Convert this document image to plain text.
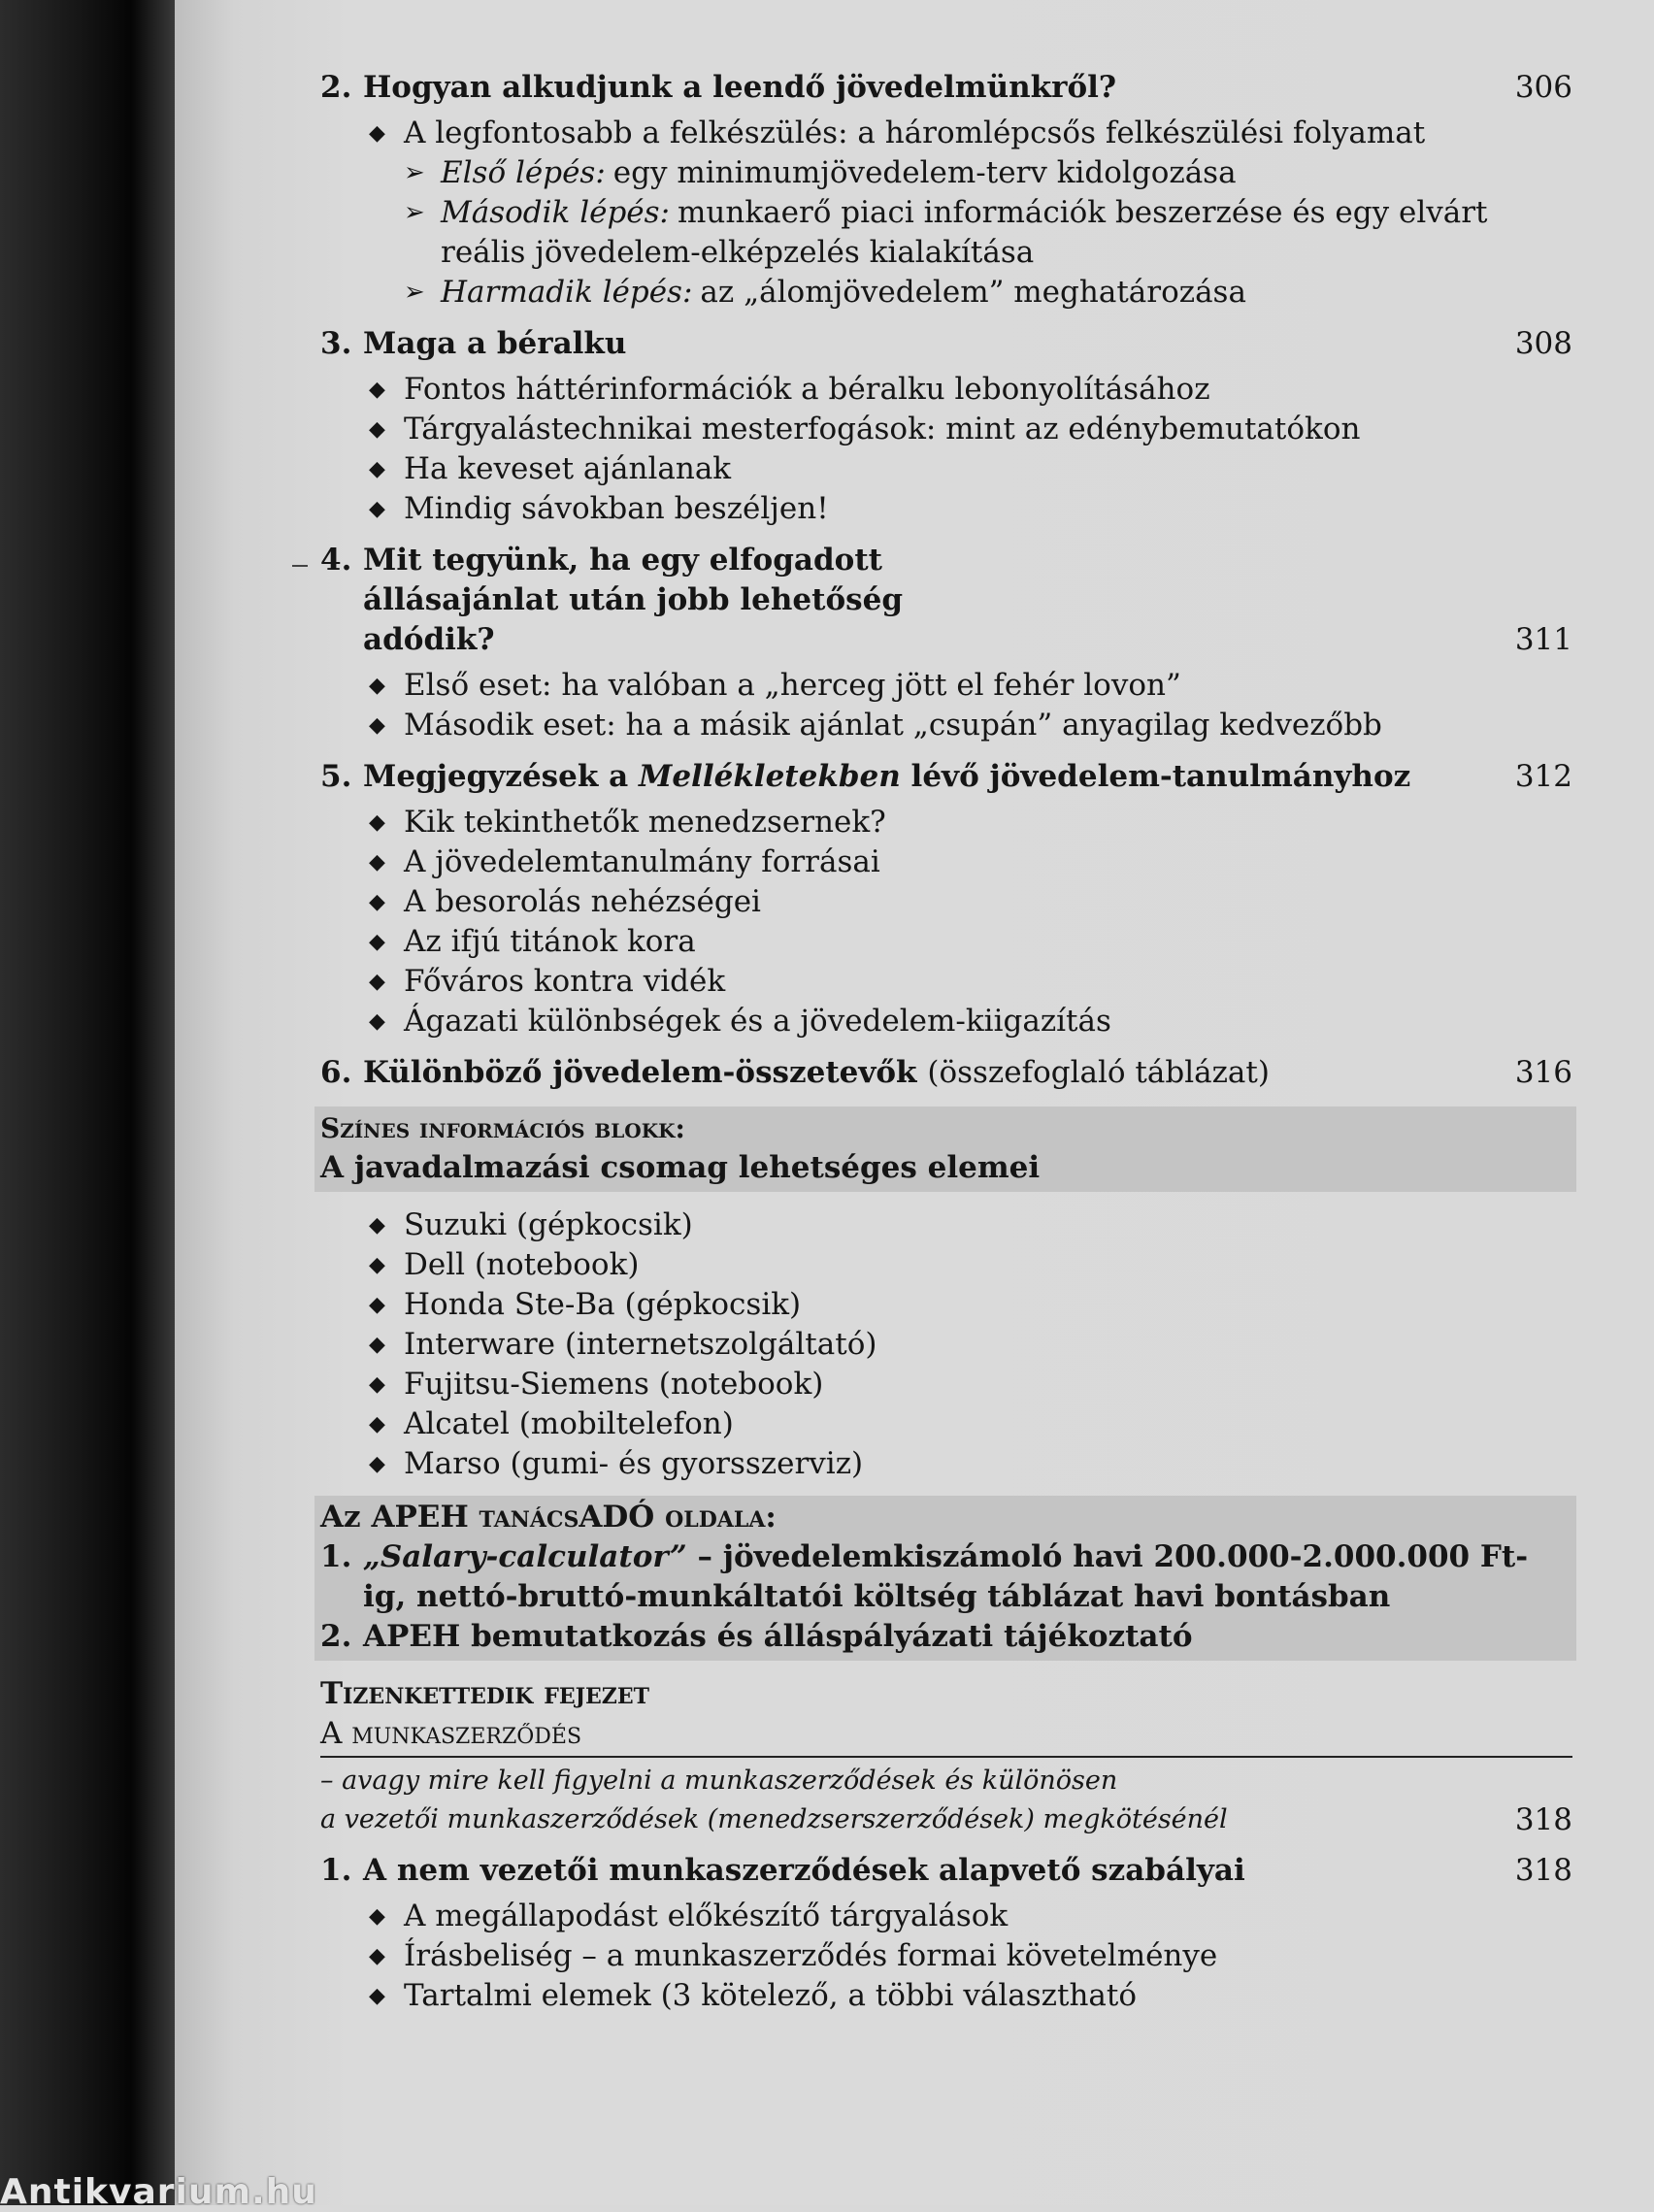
2. Hogyan alkudjunk a leendő jövedelmünkről?	306
◆ A legfontosabb a felkészülés: a háromlépcsős felkészülési folyamat
➢ Első lépés: egy minimumjövedelem-terv kidolgozása
➢ Második lépés: munkaerő piaci információk beszerzése és egy elvárt reális jövedelem-elképzelés kialakítása
➢ Harmadik lépés: az „álomjövedelem” meghatározása
3. Maga a béralku	308
◆ Fontos háttérinformációk a béralku lebonyolításához
◆ Tárgyalástechnikai mesterfogások: mint az edénybemutatókon
◆ Ha keveset ajánlanak
◆ Mindig sávokban beszéljen!
4. Mit tegyünk, ha egy elfogadott állásajánlat után jobb lehetőség adódik?	311
◆ Első eset: ha valóban a „herceg jött el fehér lovon”
◆ Második eset: ha a másik ajánlat „csupán” anyagilag kedvezőbb
5. Megjegyzések a Mellékletekben lévő jövedelem-tanulmányhoz	312
◆ Kik tekinthetők menedzsernek?
◆ A jövedelemtanulmány forrásai
◆ A besorolás nehézségei
◆ Az ifjú titánok kora
◆ Főváros kontra vidék
◆ Ágazati különbségek és a jövedelem-kiigazítás
6. Különböző jövedelem-összetevők (összefoglaló táblázat)	316
Színes információs blokk:
A javadalmazási csomag lehetséges elemei
◆ Suzuki (gépkocsik)
◆ Dell (notebook)
◆ Honda Ste-Ba (gépkocsik)
◆ Interware (internetszolgáltató)
◆ Fujitsu-Siemens (notebook)
◆ Alcatel (mobiltelefon)
◆ Marso (gumi- és gyorsszerviz)
Az APEH tanácsADÓ oldala:
1. „Salary-calculator” – jövedelemkiszámoló havi 200.000-2.000.000 Ft-ig, nettó-bruttó-munkáltatói költség táblázat havi bontásban
2. APEH bemutatkozás és álláspályázati tájékoztató
Tizenkettedik fejezet
A munkaszerződés
– avagy mire kell figyelni a munkaszerződések és különösen
a vezetői munkaszerződések (menedzserszerződések) megkötésénél	318
1. A nem vezetői munkaszerződések alapvető szabályai	318
◆ A megállapodást előkészítő tárgyalások
◆ Írásbeliség – a munkaszerződés formai követelménye
◆ Tartalmi elemek (3 kötelező, a többi választható
Antikvarium.hu
